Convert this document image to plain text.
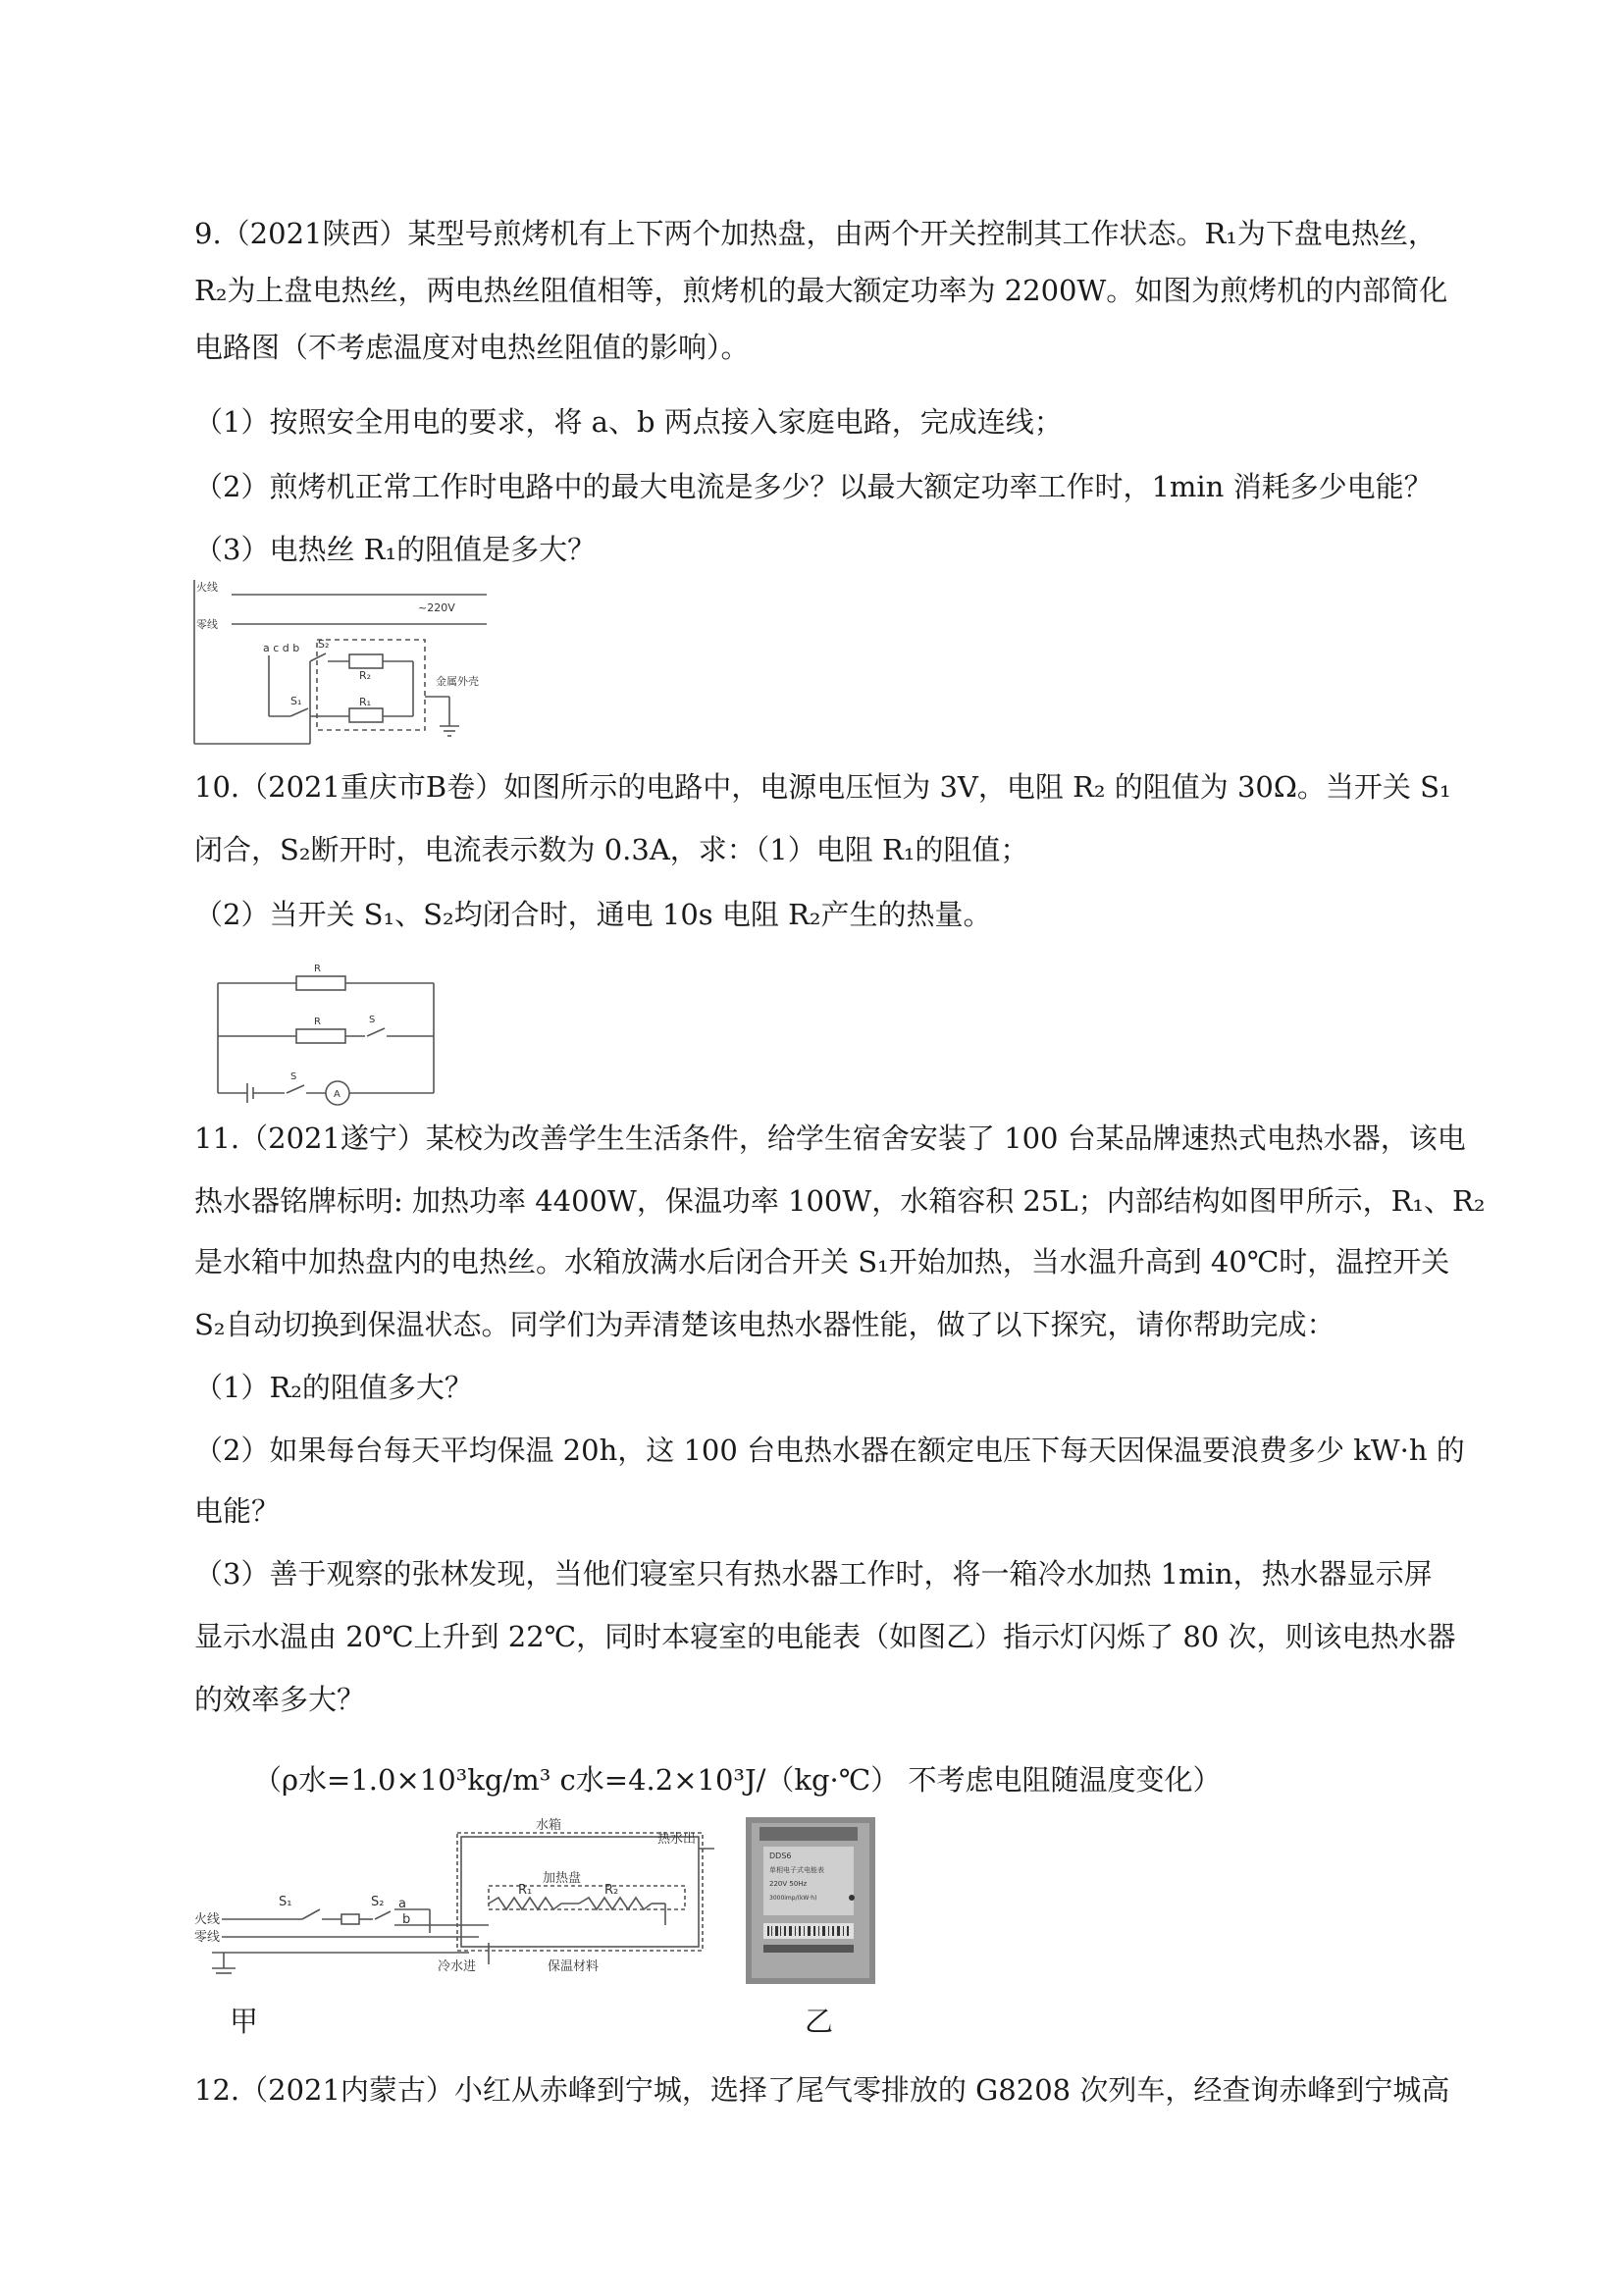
9.（2021陕西）某型号煎烤机有上下两个加热盘，由两个开关控制其工作状态。R₁为下盘电热丝，
R₂为上盘电热丝，两电热丝阻值相等，煎烤机的最大额定功率为 2200W。如图为煎烤机的内部简化
电路图（不考虑温度对电热丝阻值的影响）。
（1）按照安全用电的要求，将 a、b 两点接入家庭电路，完成连线；
（2）煎烤机正常工作时电路中的最大电流是多少？以最大额定功率工作时，1min 消耗多少电能？
（3）电热丝 R₁的阻值是多大？
火线
零线
~220V
a c d b S₂
S₁
R₂
R₁
金属外壳
10.（2021重庆市B卷）如图所示的电路中，电源电压恒为 3V，电阻 R₂ 的阻值为 30Ω。当开关 S₁
闭合，S₂断开时，电流表示数为 0.3A，求：（1）电阻 R₁的阻值；
（2）当开关 S₁、S₂均闭合时，通电 10s 电阻 R₂产生的热量。
R
R	S
S
A
11.（2021遂宁）某校为改善学生生活条件，给学生宿舍安装了 100 台某品牌速热式电热水器，该电
热水器铭牌标明: 加热功率 4400W，保温功率 100W，水箱容积 25L；内部结构如图甲所示，R₁、R₂
是水箱中加热盘内的电热丝。水箱放满水后闭合开关 S₁开始加热，当水温升高到 40℃时，温控开关
S₂自动切换到保温状态。同学们为弄清楚该电热水器性能，做了以下探究，请你帮助完成：
（1）R₂的阻值多大？
（2）如果每台每天平均保温 20h，这 100 台电热水器在额定电压下每天因保温要浪费多少 kW·h 的
电能？
（3）善于观察的张林发现，当他们寝室只有热水器工作时，将一箱冷水加热 1min，热水器显示屏
显示水温由 20℃上升到 22℃，同时本寝室的电能表（如图乙）指示灯闪烁了 80 次，则该电热水器
的效率多大？
（ρ水=1.0×10³kg/m³ c水=4.2×10³J/（kg·℃） 不考虑电阻随温度变化）
水箱
热水出
加热盘
火线
零线
S₁	S₂ a
b
R₁	R₂
冷水进	保温材料
DDS6
单相电子式电能表
220V 50Hz
3000imp/(kW·h)
甲	乙
12.（2021内蒙古）小红从赤峰到宁城，选择了尾气零排放的 G8208 次列车，经查询赤峰到宁城高
